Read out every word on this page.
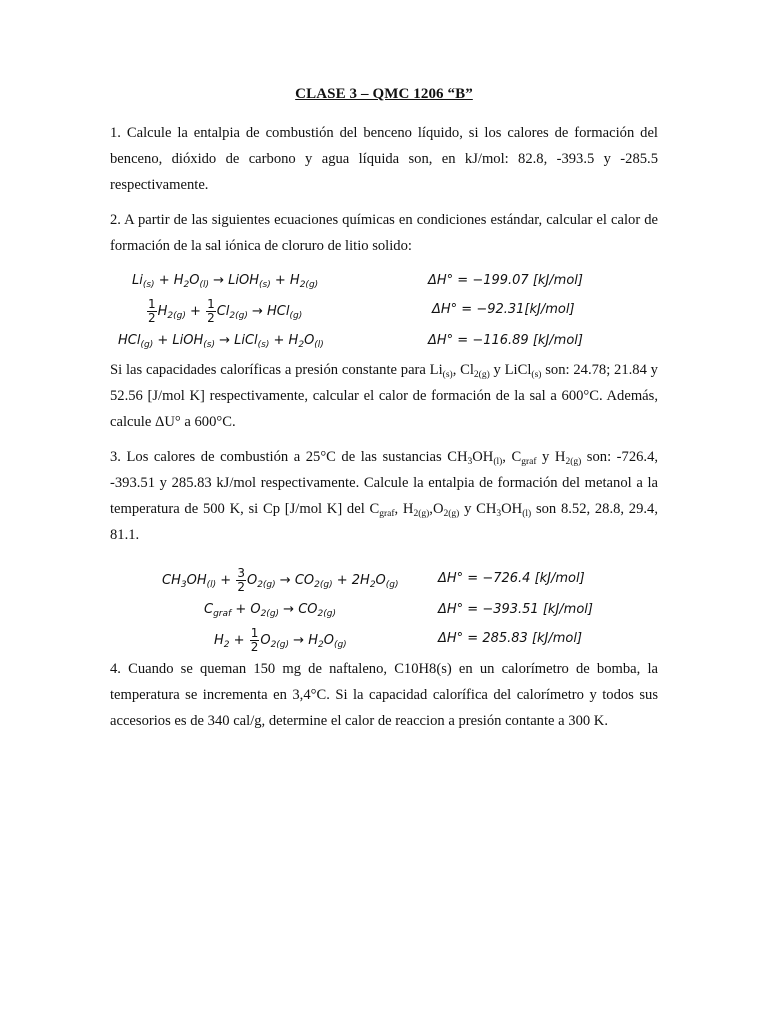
CLASE 3 – QMC 1206 “B”

1. Calcule la entalpia de combustión del benceno líquido, si los calores de formación del benceno, dióxido de carbono y agua líquida son, en kJ/mol: 82.8, -393.5 y -285.5 respectivamente.

2. A partir de las siguientes ecuaciones químicas en condiciones estándar, calcular el calor de formación de la sal iónica de cloruro de litio solido:

$Li_{(s)} + H_2O_{(l)}$ → LiOH$_{(s)}$ + $H_{2(g)}$	ΔH° = −199.07 [kJ/mol]
$\frac{1}{2} H_{2(g)} + \frac{1}{2} Cl_{2(g)} \to HCl_{(g)}$	ΔH° = −92.31[kJ/mol]
HCl$_{(g)}$ + LiOH$_{(s)}$ → LiCl$_{(s)}$ + $H_2O_{(l)}$	ΔH° = −116.89 [kJ/mol]

Si las capacidades caloríficas a presión constante para $Li_{(s)}$, $Cl_{2(g)}$ y LiCl$_{(s)}$ son: 24.78; 21.84 y 52.56 [J/mol K] respectivamente, calcular el calor de formación de la sal a 600°C. Además, calcule ΔU° a 600°C.

3. Los calores de combustión a 25°C de las sustancias $CH_3OH_{(l)}$, $C_{graf}$ y $H_{2(g)}$ son: -726.4, -393.51 y 285.83 kJ/mol respectivamente. Calcule la entalpia de formación del metanol a la temperatura de 500 K, si Cp [J/mol K] del $C_{graf}$, $H_{2(g)},O_{2(g)}$ y $CH_3OH_{(l)}$ son 8.52, 28.8, 29.4, 81.1.

$CH_3OH_{(l)} + \frac{3}{2} O_{2(g)} \to CO_{2(g)} + 2H_2O_{(g)}$	ΔH° = −726.4 [kJ/mol]
$C_{graf} + O_{2(g)} \to CO_{2(g)}$	ΔH° = −393.51 [kJ/mol]
$H_2 + \frac{1}{2} O_{2(g)} \to H_2O_{(g)}$	ΔH° = 285.83 [kJ/mol]

4. Cuando se queman 150 mg de naftaleno, C10H8(s) en un calorímetro de bomba, la temperatura se incrementa en 3,4°C. Si la capacidad calorífica del calorímetro y todos sus accesorios es de 340 cal/g, determine el calor de reaccion a presión contante a 300 K.
